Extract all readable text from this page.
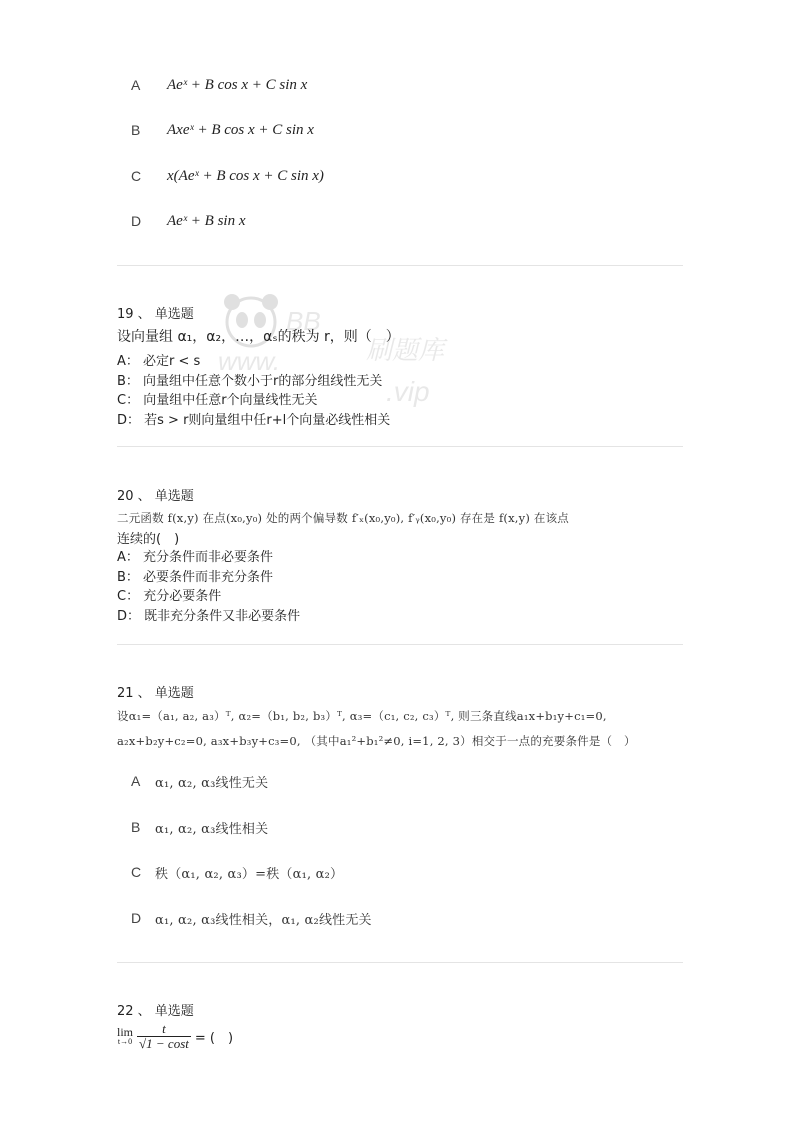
A Aeˣ + B cos x + C sin x
B Axeˣ + B cos x + C sin x
C x(Aeˣ + B cos x + C sin x)
D Aeˣ + B sin x
BB
www.	刷题库
.vip
19 、 单选题
设向量组 α₁，α₂，…，αₛ的秩为 r，则（　）
A： 必定r < s
B： 向量组中任意个数小于r的部分组线性无关
C： 向量组中任意r个向量线性无关
D： 若s > r则向量组中任r+l个向量必线性相关
20 、 单选题
二元函数 f(x,y) 在点(x₀,y₀) 处的两个偏导数 f′ₓ(x₀,y₀), f′ᵧ(x₀,y₀) 存在是 f(x,y) 在该点
连续的(　)
A： 充分条件而非必要条件
B： 必要条件而非充分条件
C： 充分必要条件
D： 既非充分条件又非必要条件
21 、 单选题
设α₁=（a₁, a₂, a₃）ᵀ, α₂=（b₁, b₂, b₃）ᵀ, α₃=（c₁, c₂, c₃）ᵀ, 则三条直线a₁x+b₁y+c₁=0,
a₂x+b₂y+c₂=0, a₃x+b₃y+c₃=0, （其中a₁²+b₁²≠0, i=1, 2, 3）相交于一点的充要条件是（　）
A α₁, α₂, α₃线性无关
B α₁, α₂, α₃线性相关
C 秩（α₁, α₂, α₃）=秩（α₁, α₂）
D α₁, α₂, α₃线性相关，α₁, α₂线性无关
22 、 单选题
lim
$t\to 0 \frac{t}{√1 - \cos t}$ = (　)
